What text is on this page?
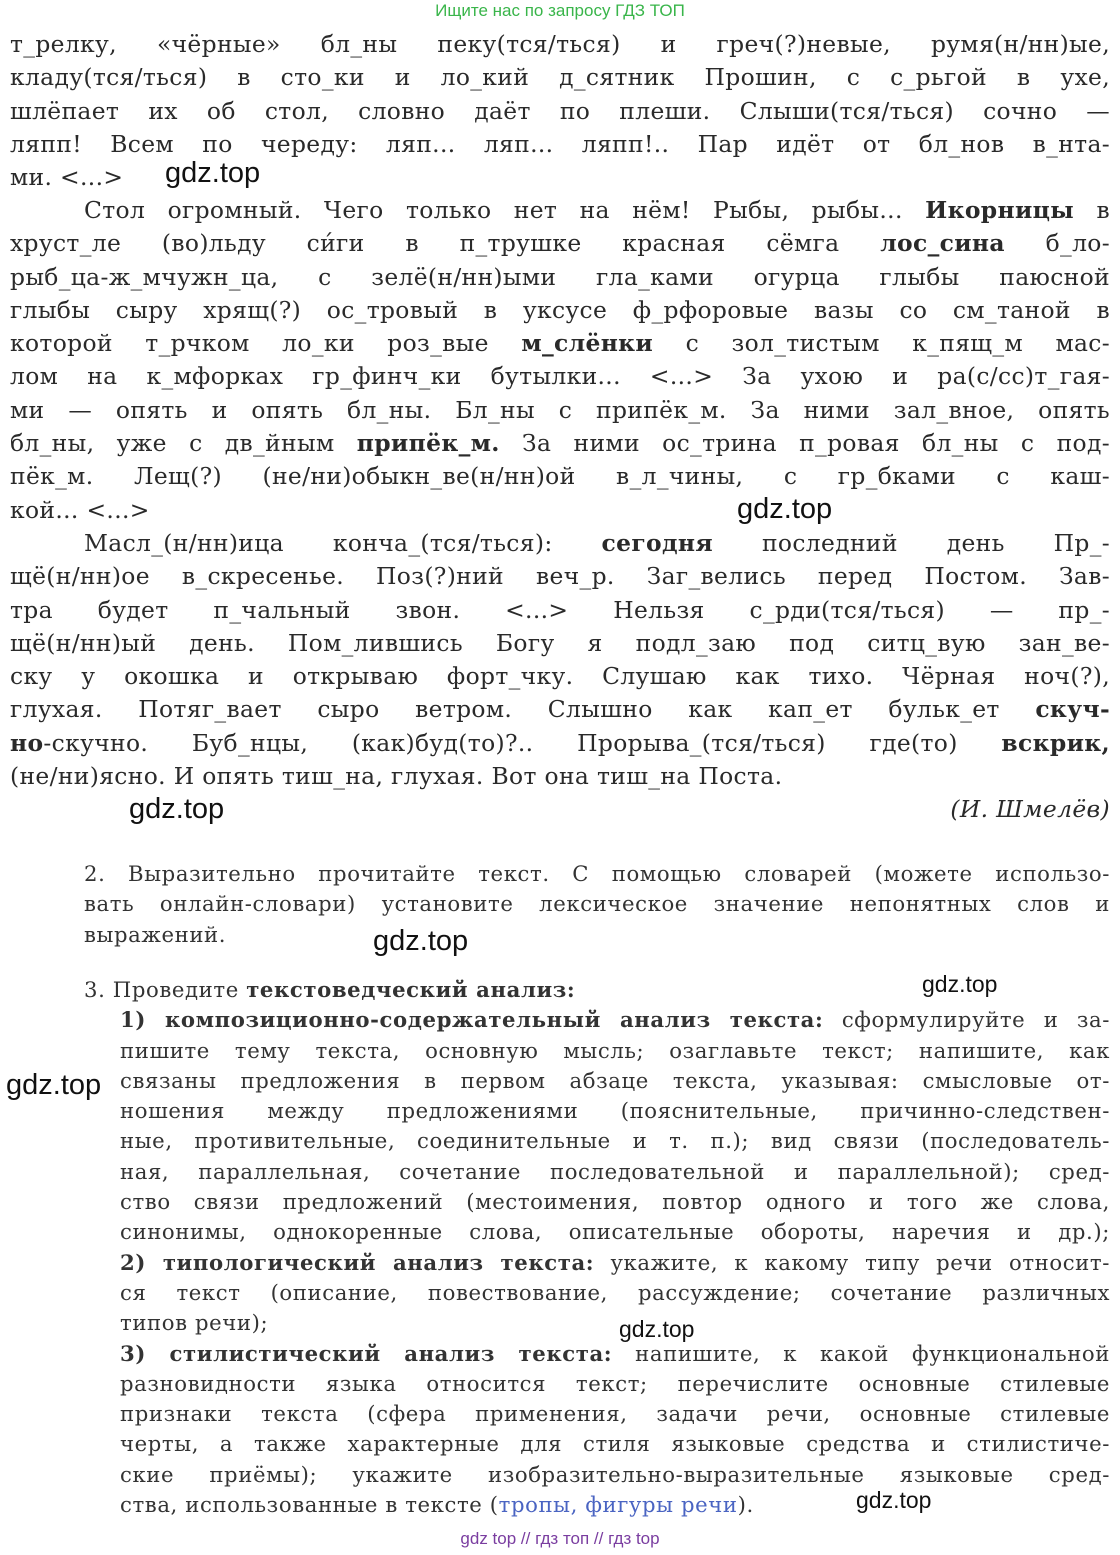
Ищите нас по запросу ГДЗ ТОП
т_релку, «чёрные» бл_ны пеку(тся/ться) и греч(?)невые, румя(н/нн)ые,
кладу(тся/ться) в сто_ки и ло_кий д_сятник Прошин, с с_рьгой в ухе,
шлёпает их об стол, словно даёт по плеши. Слыши(тся/ться) сочно —
ляпп! Всем по череду: ляп... ляп... ляпп!.. Пар идёт от бл_нов в_нта-
ми. <...>
Стол огромный. Чего только нет на нём! Рыбы, рыбы... Икорницы в
хруст_ле (во)льду си́ги в п_трушке красная сёмга лос_сина б_ло-
рыб_ца-ж_мчужн_ца, с зелё(н/нн)ыми гла_ками огурца глыбы паюсной
глыбы сыру хрящ(?) ос_тровый в уксусе ф_рфоровые вазы со см_таной в
которой т_рчком ло_ки роз_вые м_слёнки с зол_тистым к_пящ_м мас-
лом на к_мфорках гр_финч_ки бутылки... <...> За ухою и ра(с/сс)т_гая-
ми — опять и опять бл_ны. Бл_ны с припёк_м. За ними зал_вное, опять
бл_ны, уже с дв_йным припёк_м. За ними ос_трина п_ровая бл_ны с под-
пёк_м. Лещ(?) (не/ни)обыкн_ве(н/нн)ой в_л_чины, с гр_бками с каш-
кой... <...>
Масл_(н/нн)ица конча_(тся/ться): сегодня последний день Пр_-
щё(н/нн)ое в_скресенье. Поз(?)ний веч_р. Заг_велись перед Постом. Зав-
тра будет п_чальный звон. <...> Нельзя с_рди(тся/ться) — пр_-
щё(н/нн)ый день. Пом_лившись Богу я подл_заю под ситц_вую зан_ве-
ску у окошка и открываю форт_чку. Слушаю как тихо. Чёрная ноч(?),
глухая. Потяг_вает сыро ветром. Слышно как кап_ет бульк_ет скуч-
но-скучно. Буб_нцы, (как)буд(то)?.. Прорыва_(тся/ться) где(то) вскрик,
(не/ни)ясно. И опять тиш_на, глухая. Вот она тиш_на Поста.
(И. Шмелёв)
2. Выразительно прочитайте текст. С помощью словарей (можете использо-
вать онлайн-словари) установите лексическое значение непонятных слов и
выражений.
3. Проведите текстоведческий анализ:
1) композиционно-содержательный анализ текста: сформулируйте и за-
пишите тему текста, основную мысль; озаглавьте текст; напишите, как
связаны предложения в первом абзаце текста, указывая: смысловые от-
ношения между предложениями (пояснительные, причинно-следствен-
ные, противительные, соединительные и т. п.); вид связи (последователь-
ная, параллельная, сочетание последовательной и параллельной); сред-
ство связи предложений (местоимения, повтор одного и того же слова,
синонимы, однокоренные слова, описательные обороты, наречия и др.);
2) типологический анализ текста: укажите, к какому типу речи относит-
ся текст (описание, повествование, рассуждение; сочетание различных
типов речи);
3) стилистический анализ текста: напишите, к какой функциональной
разновидности языка относится текст; перечислите основные стилевые
признаки текста (сфера применения, задачи речи, основные стилевые
черты, а также характерные для стиля языковые средства и стилистиче-
ские приёмы); укажите изобразительно-выразительные языковые сред-
ства, использованные в тексте (тропы, фигуры речи).
gdz.top
gdz.top
gdz.top
gdz.top
gdz.top
gdz.top
gdz.top
gdz.top
gdz top // гдз топ // гдз top
